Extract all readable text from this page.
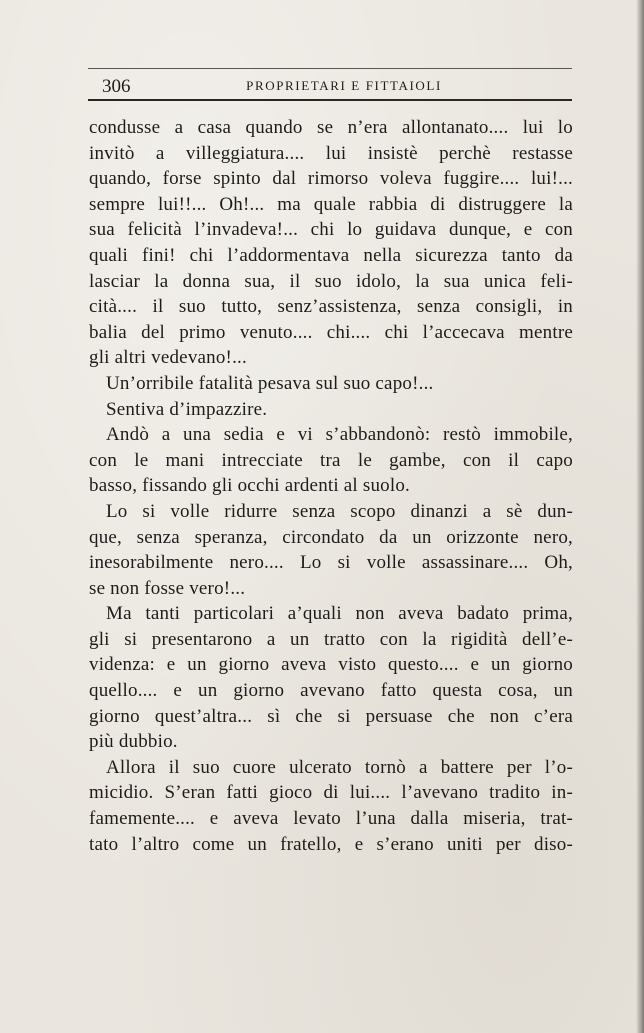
306	PROPRIETARI E FITTAIOLI
condusse a casa quando se n’era allontanato.... lui lo
invitò a villeggiatura.... lui insistè perchè restasse
quando, forse spinto dal rimorso voleva fuggire.... lui!...
sempre lui!!... Oh!... ma quale rabbia di distruggere la
sua felicità l’invadeva!... chi lo guidava dunque, e con
quali fini! chi l’addormentava nella sicurezza tanto da
lasciar la donna sua, il suo idolo, la sua unica feli-
cità.... il suo tutto, senz’assistenza, senza consigli, in
balia del primo venuto.... chi.... chi l’accecava mentre
gli altri vedevano!...
Un’orribile fatalità pesava sul suo capo!...
Sentiva d’impazzire.
Andò a una sedia e vi s’abbandonò: restò immobile,
con le mani intrecciate tra le gambe, con il capo
basso, fissando gli occhi ardenti al suolo.
Lo si volle ridurre senza scopo dinanzi a sè dun-
que, senza speranza, circondato da un orizzonte nero,
inesorabilmente nero.... Lo si volle assassinare.... Oh,
se non fosse vero!...
Ma tanti particolari a’quali non aveva badato prima,
gli si presentarono a un tratto con la rigidità dell’e-
videnza: e un giorno aveva visto questo.... e un giorno
quello.... e un giorno avevano fatto questa cosa, un
giorno quest’altra... sì che si persuase che non c’era
più dubbio.
Allora il suo cuore ulcerato tornò a battere per l’o-
micidio. S’eran fatti gioco di lui.... l’avevano tradito in-
famemente.... e aveva levato l’una dalla miseria, trat-
tato l’altro come un fratello, e s’erano uniti per diso-
